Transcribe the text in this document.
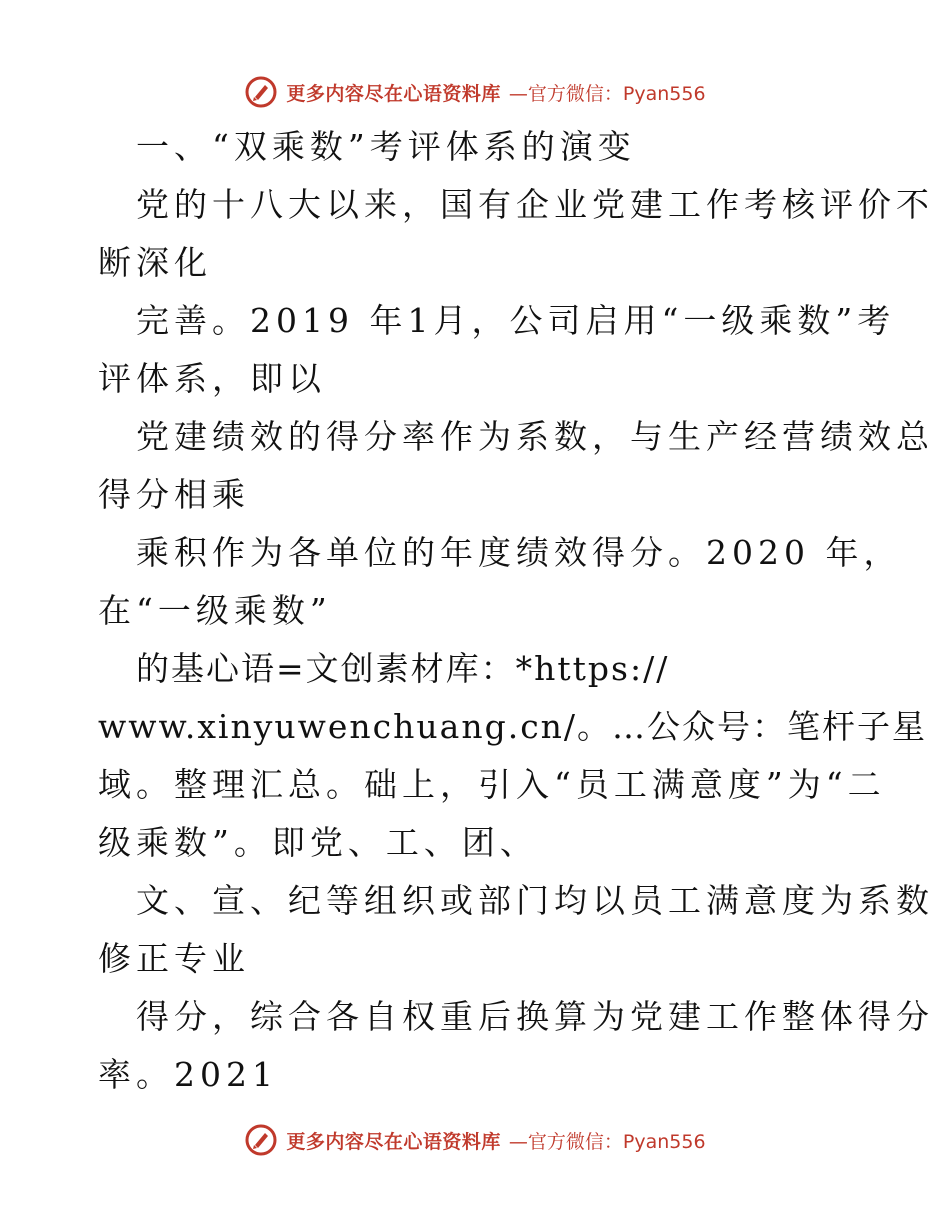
更多内容尽在心语资料库 —官方微信：Pyan556
一、“双乘数”考评体系的演变
党的十八大以来，国有企业党建工作考核评价不
断深化
完善。2019 年1月，公司启用“一级乘数”考
评体系，即以
党建绩效的得分率作为系数，与生产经营绩效总
得分相乘
乘积作为各单位的年度绩效得分。2020 年，
在“一级乘数”
的基心语=文创素材库：*https://
www.xinyuwenchuang.cn/。…公众号：笔杆子星
域。整理汇总。础上，引入“员工满意度”为“二
级乘数”。即党、工、团、
文、宣、纪等组织或部门均以员工满意度为系数
修正专业
得分，综合各自权重后换算为党建工作整体得分
率。2021
更多内容尽在心语资料库 —官方微信：Pyan556
